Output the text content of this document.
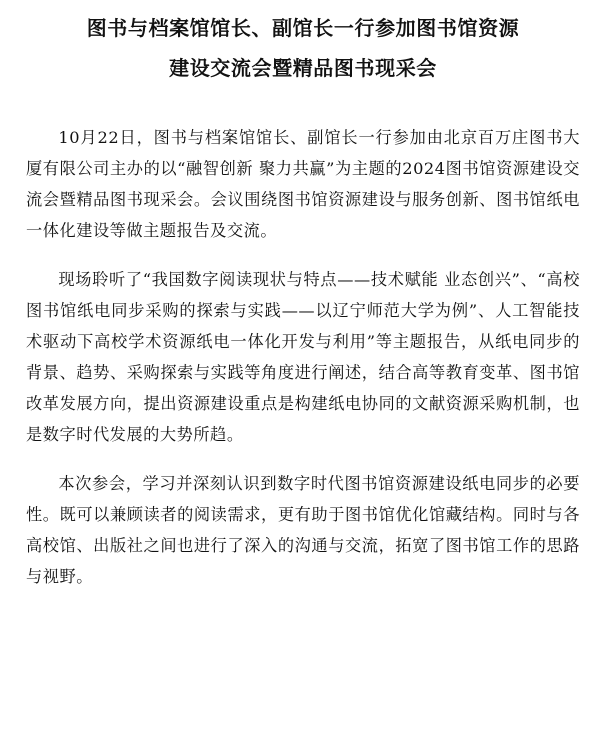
图书与档案馆馆长、副馆长一行参加图书馆资源
建设交流会暨精品图书现采会

10月22日，图书与档案馆馆长、副馆长一行参加由北京百万庄图书大厦有限公司主办的以“融智创新 聚力共赢”为主题的2024图书馆资源建设交流会暨精品图书现采会。会议围绕图书馆资源建设与服务创新、图书馆纸电一体化建设等做主题报告及交流。

现场聆听了“我国数字阅读现状与特点——技术赋能 业态创兴”、“高校图书馆纸电同步采购的探索与实践——以辽宁师范大学为例”、人工智能技术驱动下高校学术资源纸电一体化开发与利用”等主题报告，从纸电同步的背景、趋势、采购探索与实践等角度进行阐述，结合高等教育变革、图书馆改革发展方向，提出资源建设重点是构建纸电协同的文献资源采购机制，也是数字时代发展的大势所趋。

本次参会，学习并深刻认识到数字时代图书馆资源建设纸电同步的必要性。既可以兼顾读者的阅读需求，更有助于图书馆优化馆藏结构。同时与各高校馆、出版社之间也进行了深入的沟通与交流，拓宽了图书馆工作的思路与视野。
